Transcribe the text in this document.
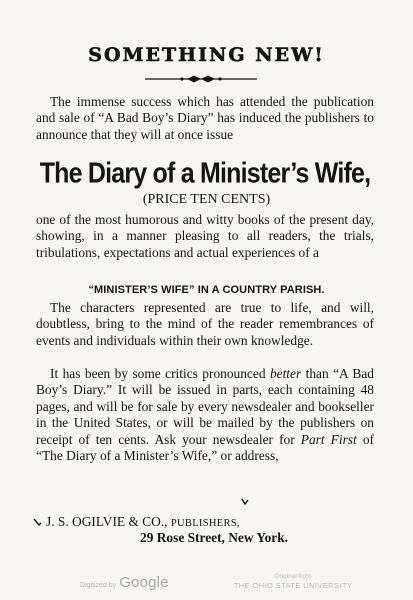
SOMETHING NEW!
The immense success which has attended the publication and sale of “A Bad Boy’s Diary” has induced the publishers to announce that they will at once issue
The Diary of a Minister’s Wife,
(PRICE TEN CENTS)
one of the most humorous and witty books of the present day, showing, in a manner pleasing to all readers, the trials, tribulations, expectations and actual experiences of a
“MINISTER’S WIFE” IN A COUNTRY PARISH.
The characters represented are true to life, and will, doubtless, bring to the mind of the reader remembrances of events and individuals within their own knowledge.
It has been by some critics pronounced better than “A Bad Boy’s Diary.” It will be issued in parts, each containing 48 pages, and will be for sale by every newsdealer and bookseller in the United States, or will be mailed by the publishers on receipt of ten cents. Ask your newsdealer for Part First of “The Diary of a Minister’s Wife,” or address,
J. S. OGILVIE & CO., PUBLISHERS,
29 Rose Street, New York.
Digitized by Google	Original from
THE OHIO STATE UNIVERSITY
